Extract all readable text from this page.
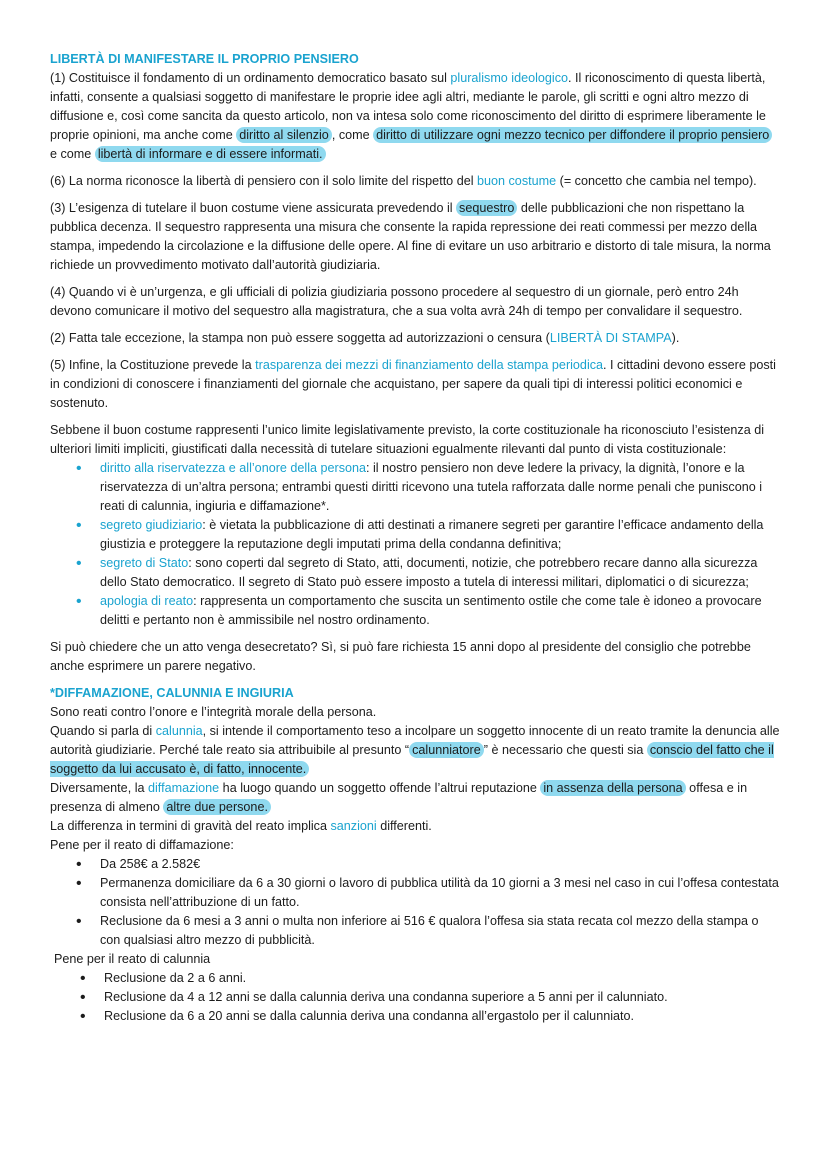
LIBERTÀ DI MANIFESTARE IL PROPRIO PENSIERO

(1) Costituisce il fondamento di un ordinamento democratico basato sul pluralismo ideologico. Il riconoscimento di questa libertà, infatti, consente a qualsiasi soggetto di manifestare le proprie idee agli altri, mediante le parole, gli scritti e ogni altro mezzo di diffusione e, così come sancita da questo articolo, non va intesa solo come riconoscimento del diritto di esprimere liberamente le proprie opinioni, ma anche come diritto al silenzio , come diritto di utilizzare ogni mezzo tecnico per diffondere il proprio pensiero e come libertà di informare e di essere informati.

(6) La norma riconosce la libertà di pensiero con il solo limite del rispetto del buon costume (= concetto che cambia nel tempo).

(3) L’esigenza di tutelare il buon costume viene assicurata prevedendo il sequestro delle pubblicazioni che non rispettano la pubblica decenza. Il sequestro rappresenta una misura che consente la rapida repressione dei reati commessi per mezzo della stampa, impedendo la circolazione e la diffusione delle opere. Al fine di evitare un uso arbitrario e distorto di tale misura, la norma richiede un provvedimento motivato dall’autorità giudiziaria.

(4) Quando vi è un’urgenza, e gli ufficiali di polizia giudiziaria possono procedere al sequestro di un giornale, però entro 24h devono comunicare il motivo del sequestro alla magistratura, che a sua volta avrà 24h di tempo per convalidare il sequestro.

(2) Fatta tale eccezione, la stampa non può essere soggetta ad autorizzazioni o censura (LIBERTÀ DI STAMPA).

(5) Infine, la Costituzione prevede la trasparenza dei mezzi di finanziamento della stampa periodica. I cittadini devono essere posti in condizioni di conoscere i finanziamenti del giornale che acquistano, per sapere da quali tipi di interessi politici economici e sostenuto.

Sebbene il buon costume rappresenti l’unico limite legislativamente previsto, la corte costituzionale ha riconosciuto l’esistenza di ulteriori limiti impliciti, giustificati dalla necessità di tutelare situazioni egualmente rilevanti dal punto di vista costituzionale:

• diritto alla riservatezza e all’onore della persona: il nostro pensiero non deve ledere la privacy, la dignità, l’onore e la riservatezza di un’altra persona; entrambi questi diritti ricevono una tutela rafforzata dalle norme penali che puniscono i reati di calunnia, ingiuria e diffamazione*.
• segreto giudiziario: è vietata la pubblicazione di atti destinati a rimanere segreti per garantire l’efficace andamento della giustizia e proteggere la reputazione degli imputati prima della condanna definitiva;
• segreto di Stato: sono coperti dal segreto di Stato, atti, documenti, notizie, che potrebbero recare danno alla sicurezza dello Stato democratico. Il segreto di Stato può essere imposto a tutela di interessi militari, diplomatici o di sicurezza;
• apologia di reato: rappresenta un comportamento che suscita un sentimento ostile che come tale è idoneo a provocare delitti e pertanto non è ammissibile nel nostro ordinamento.

Si può chiedere che un atto venga desecretato? Sì, si può fare richiesta 15 anni dopo al presidente del consiglio che potrebbe anche esprimere un parere negativo.

*DIFFAMAZIONE, CALUNNIA E INGIURIA

Sono reati contro l’onore e l’integrità morale della persona.

Quando si parla di calunnia, si intende il comportamento teso a incolpare un soggetto innocente di un reato tramite la denuncia alle autorità giudiziarie. Perché tale reato sia attribuibile al presunto “ calunniatore ” è necessario che questi sia conscio del fatto che il soggetto da lui accusato è, di fatto, innocente.

Diversamente, la diffamazione ha luogo quando un soggetto offende l’altrui reputazione in assenza della persona offesa e in presenza di almeno altre due persone.

La differenza in termini di gravità del reato implica sanzioni differenti.

Pene per il reato di diffamazione:

• Da 258€ a 2.582€
• Permanenza domiciliare da 6 a 30 giorni o lavoro di pubblica utilità da 10 giorni a 3 mesi nel caso in cui l’offesa contestata consista nell’attribuzione di un fatto.
• Reclusione da 6 mesi a 3 anni o multa non inferiore ai 516 € qualora l’offesa sia stata recata col mezzo della stampa o con qualsiasi altro mezzo di pubblicità.

Pene per il reato di calunnia

• Reclusione da 2 a 6 anni.
• Reclusione da 4 a 12 anni se dalla calunnia deriva una condanna superiore a 5 anni per il calunniato.
• Reclusione da 6 a 20 anni se dalla calunnia deriva una condanna all’ergastolo per il calunniato.
